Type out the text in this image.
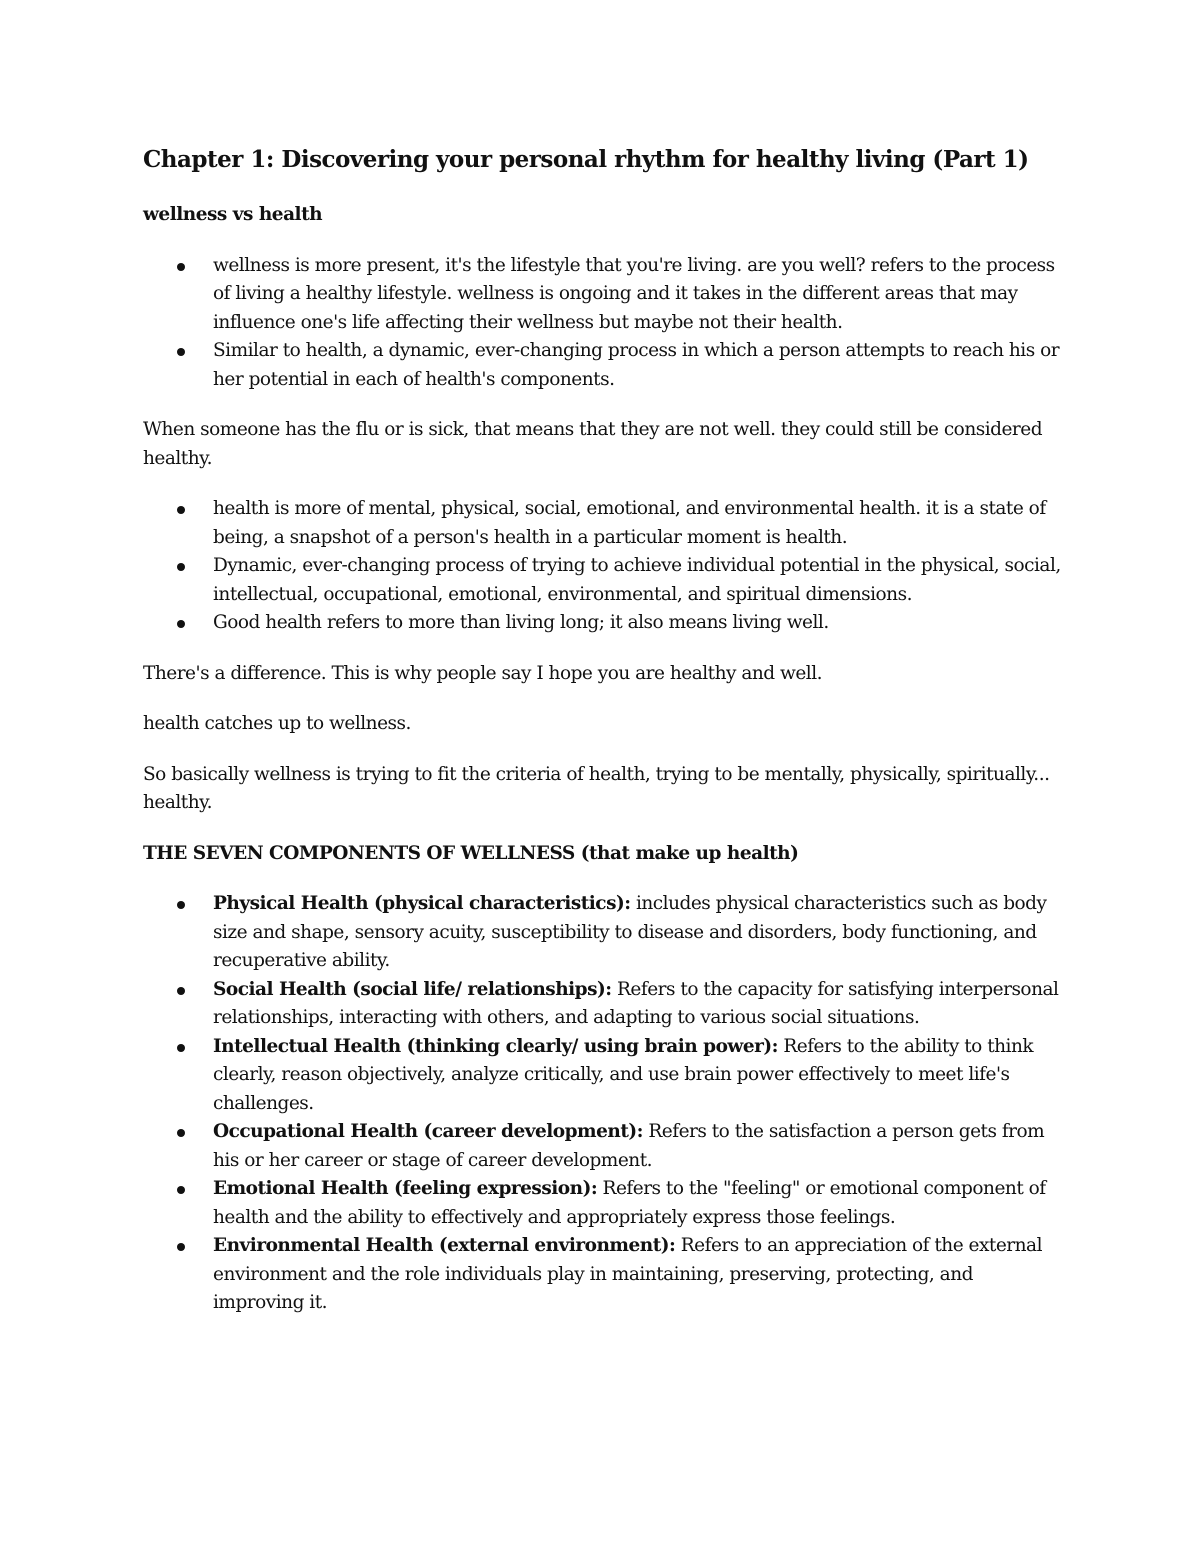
Chapter 1: Discovering your personal rhythm for healthy living (Part 1)

wellness vs health

wellness is more present, it's the lifestyle that you're living. are you well? refers to the process of living a healthy lifestyle. wellness is ongoing and it takes in the different areas that may influence one's life affecting their wellness but maybe not their health.
Similar to health, a dynamic, ever-changing process in which a person attempts to reach his or her potential in each of health's components.

When someone has the flu or is sick, that means that they are not well. they could still be considered healthy.

health is more of mental, physical, social, emotional, and environmental health. it is a state of being, a snapshot of a person's health in a particular moment is health.
Dynamic, ever-changing process of trying to achieve individual potential in the physical, social, intellectual, occupational, emotional, environmental, and spiritual dimensions.
Good health refers to more than living long; it also means living well.

There's a difference. This is why people say I hope you are healthy and well.

health catches up to wellness.

So basically wellness is trying to fit the criteria of health, trying to be mentally, physically, spiritually... healthy.

THE SEVEN COMPONENTS OF WELLNESS (that make up health)

Physical Health (physical characteristics): includes physical characteristics such as body size and shape, sensory acuity, susceptibility to disease and disorders, body functioning, and recuperative ability.
Social Health (social life/ relationships): Refers to the capacity for satisfying interpersonal relationships, interacting with others, and adapting to various social situations.
Intellectual Health (thinking clearly/ using brain power): Refers to the ability to think clearly, reason objectively, analyze critically, and use brain power effectively to meet life's challenges.
Occupational Health (career development): Refers to the satisfaction a person gets from his or her career or stage of career development.
Emotional Health (feeling expression): Refers to the "feeling" or emotional component of health and the ability to effectively and appropriately express those feelings.
Environmental Health (external environment): Refers to an appreciation of the external environment and the role individuals play in maintaining, preserving, protecting, and improving it.
